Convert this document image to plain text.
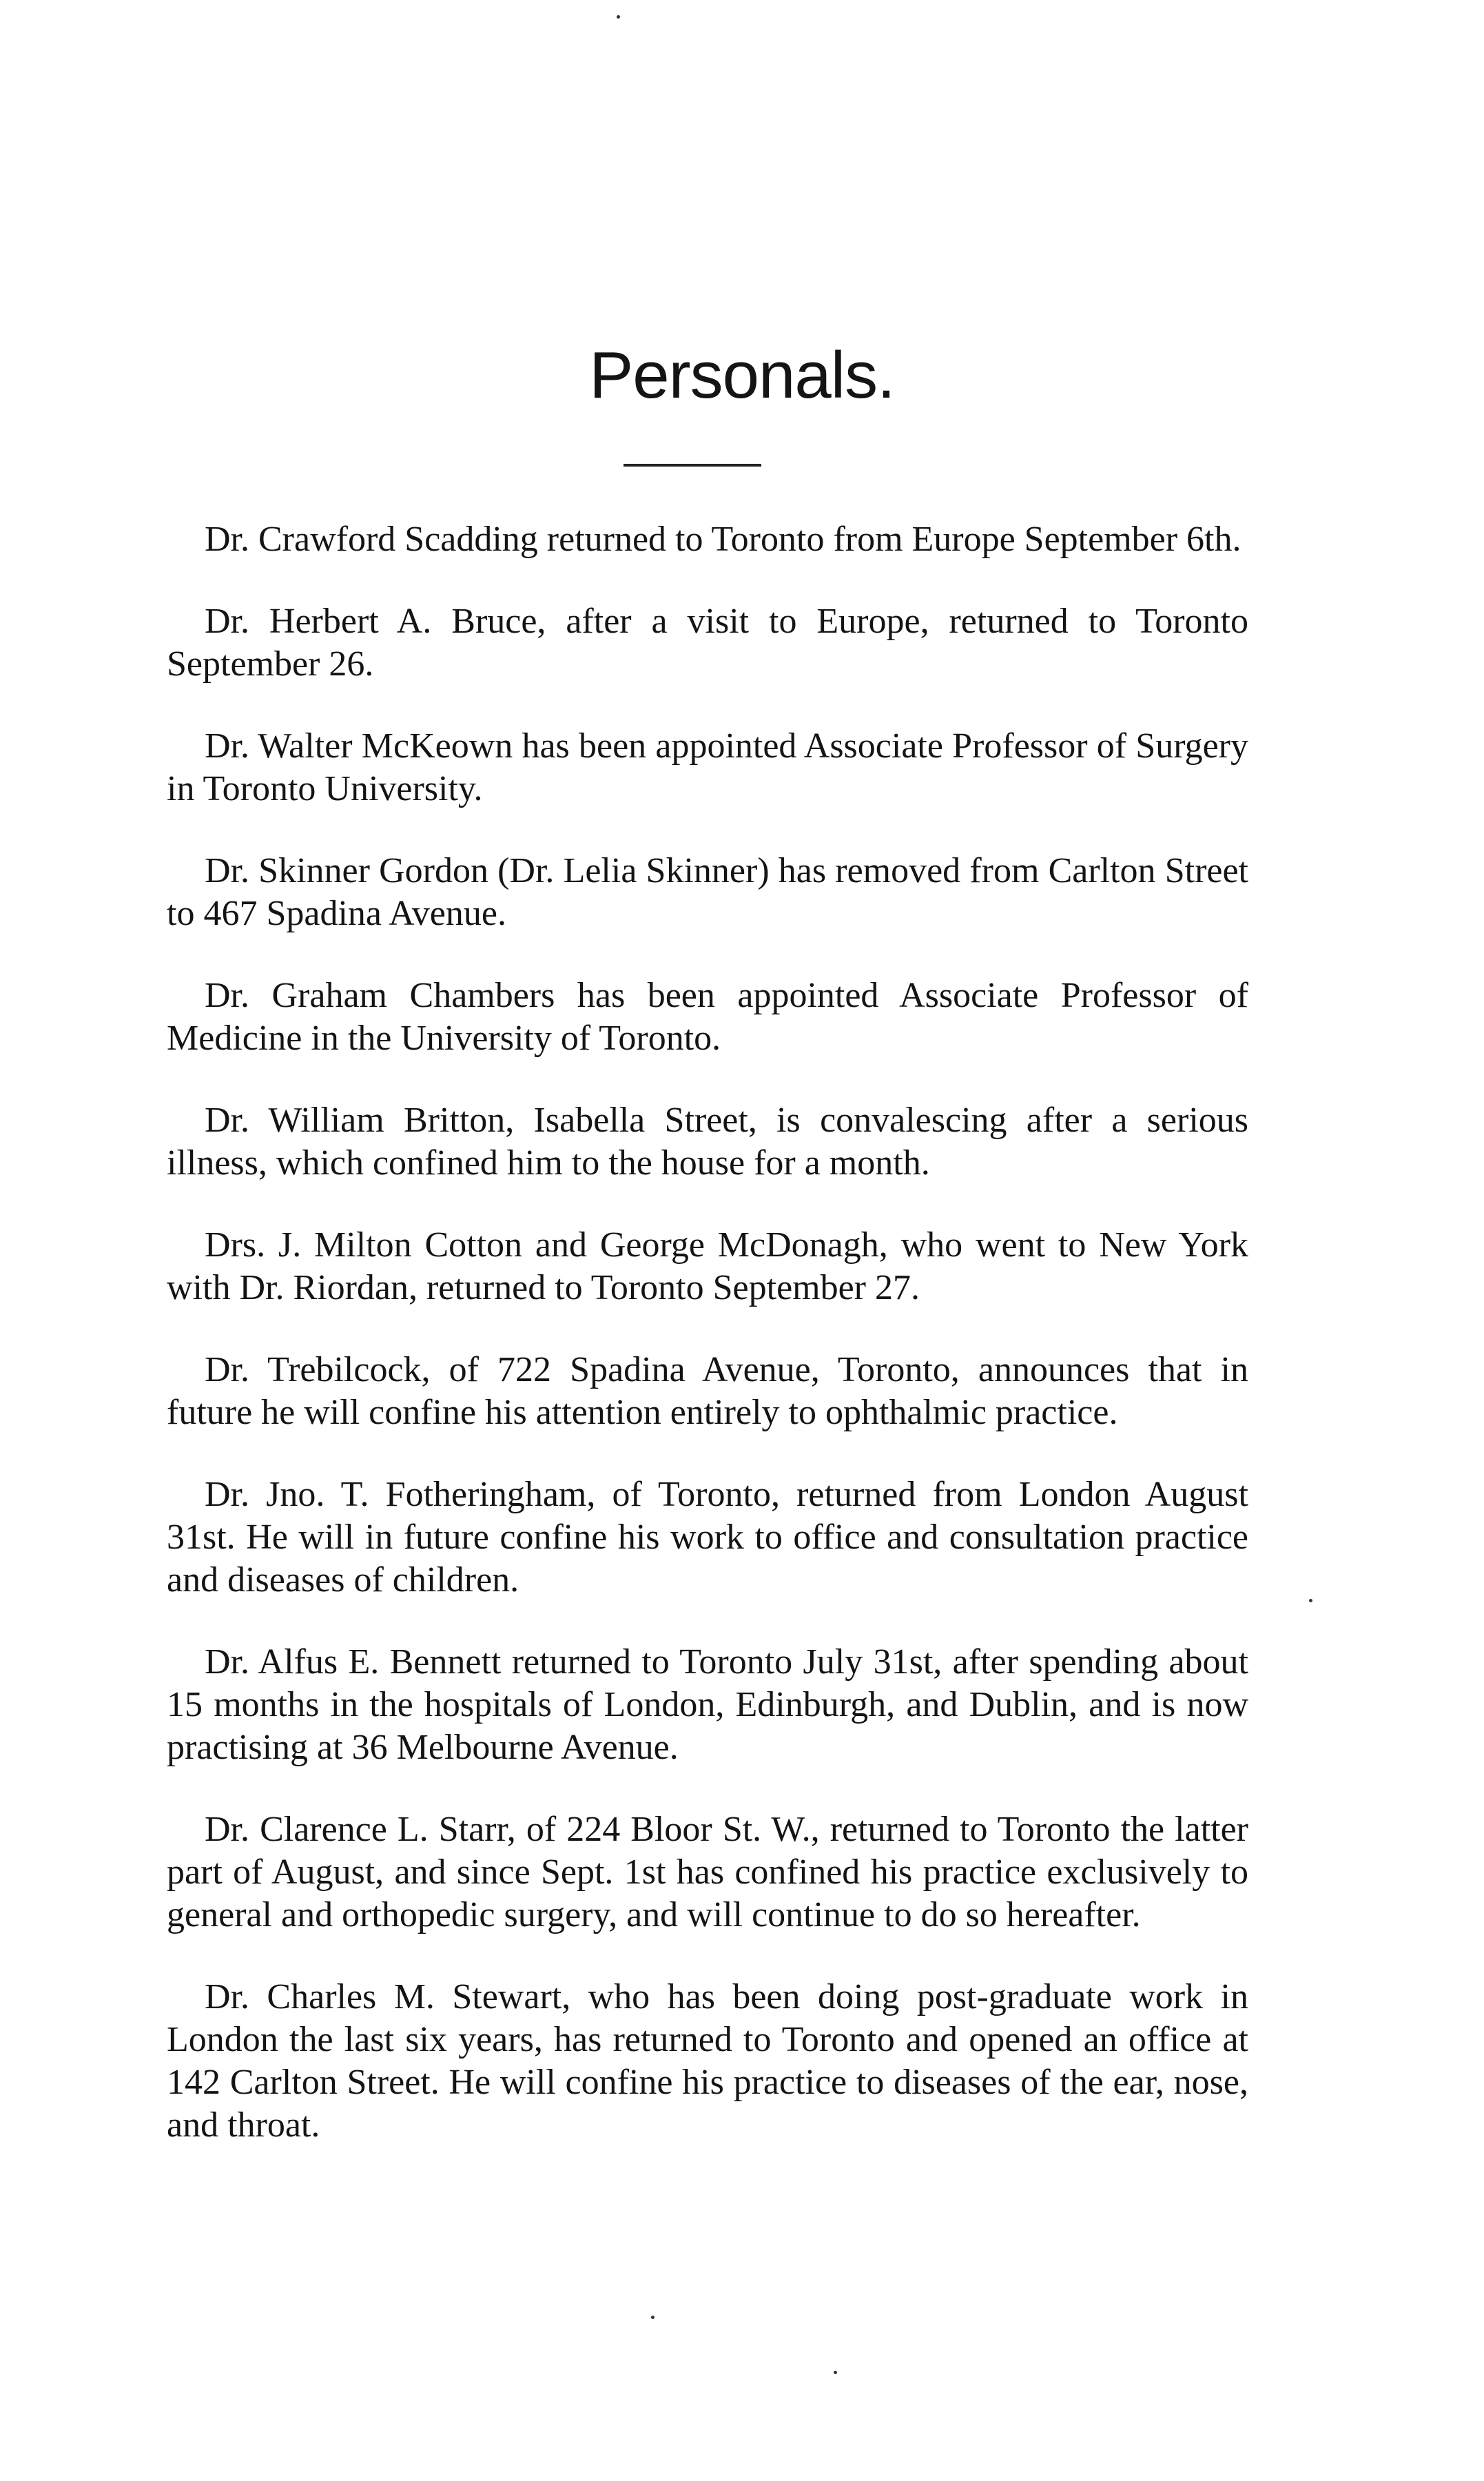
Personals.

Dr. Crawford Scadding returned to Toronto from Europe September 6th.

Dr. Herbert A. Bruce, after a visit to Europe, returned to Toronto September 26.

Dr. Walter McKeown has been appointed Associate Professor of Surgery in Toronto University.

Dr. Skinner Gordon (Dr. Lelia Skinner) has removed from Carlton Street to 467 Spadina Avenue.

Dr. Graham Chambers has been appointed Associate Professor of Medicine in the University of Toronto.

Dr. William Britton, Isabella Street, is convalescing after a serious illness, which confined him to the house for a month.

Drs. J. Milton Cotton and George McDonagh, who went to New York with Dr. Riordan, returned to Toronto September 27.

Dr. Trebilcock, of 722 Spadina Avenue, Toronto, announces that in future he will confine his attention entirely to ophthalmic practice.

Dr. Jno. T. Fotheringham, of Toronto, returned from London August 31st. He will in future confine his work to office and consultation practice and diseases of children.

Dr. Alfus E. Bennett returned to Toronto July 31st, after spending about 15 months in the hospitals of London, Edinburgh, and Dublin, and is now practising at 36 Melbourne Avenue.

Dr. Clarence L. Starr, of 224 Bloor St. W., returned to Toronto the latter part of August, and since Sept. 1st has confined his practice exclusively to general and orthopedic surgery, and will continue to do so hereafter.

Dr. Charles M. Stewart, who has been doing post-graduate work in London the last six years, has returned to Toronto and opened an office at 142 Carlton Street. He will confine his practice to diseases of the ear, nose, and throat.
